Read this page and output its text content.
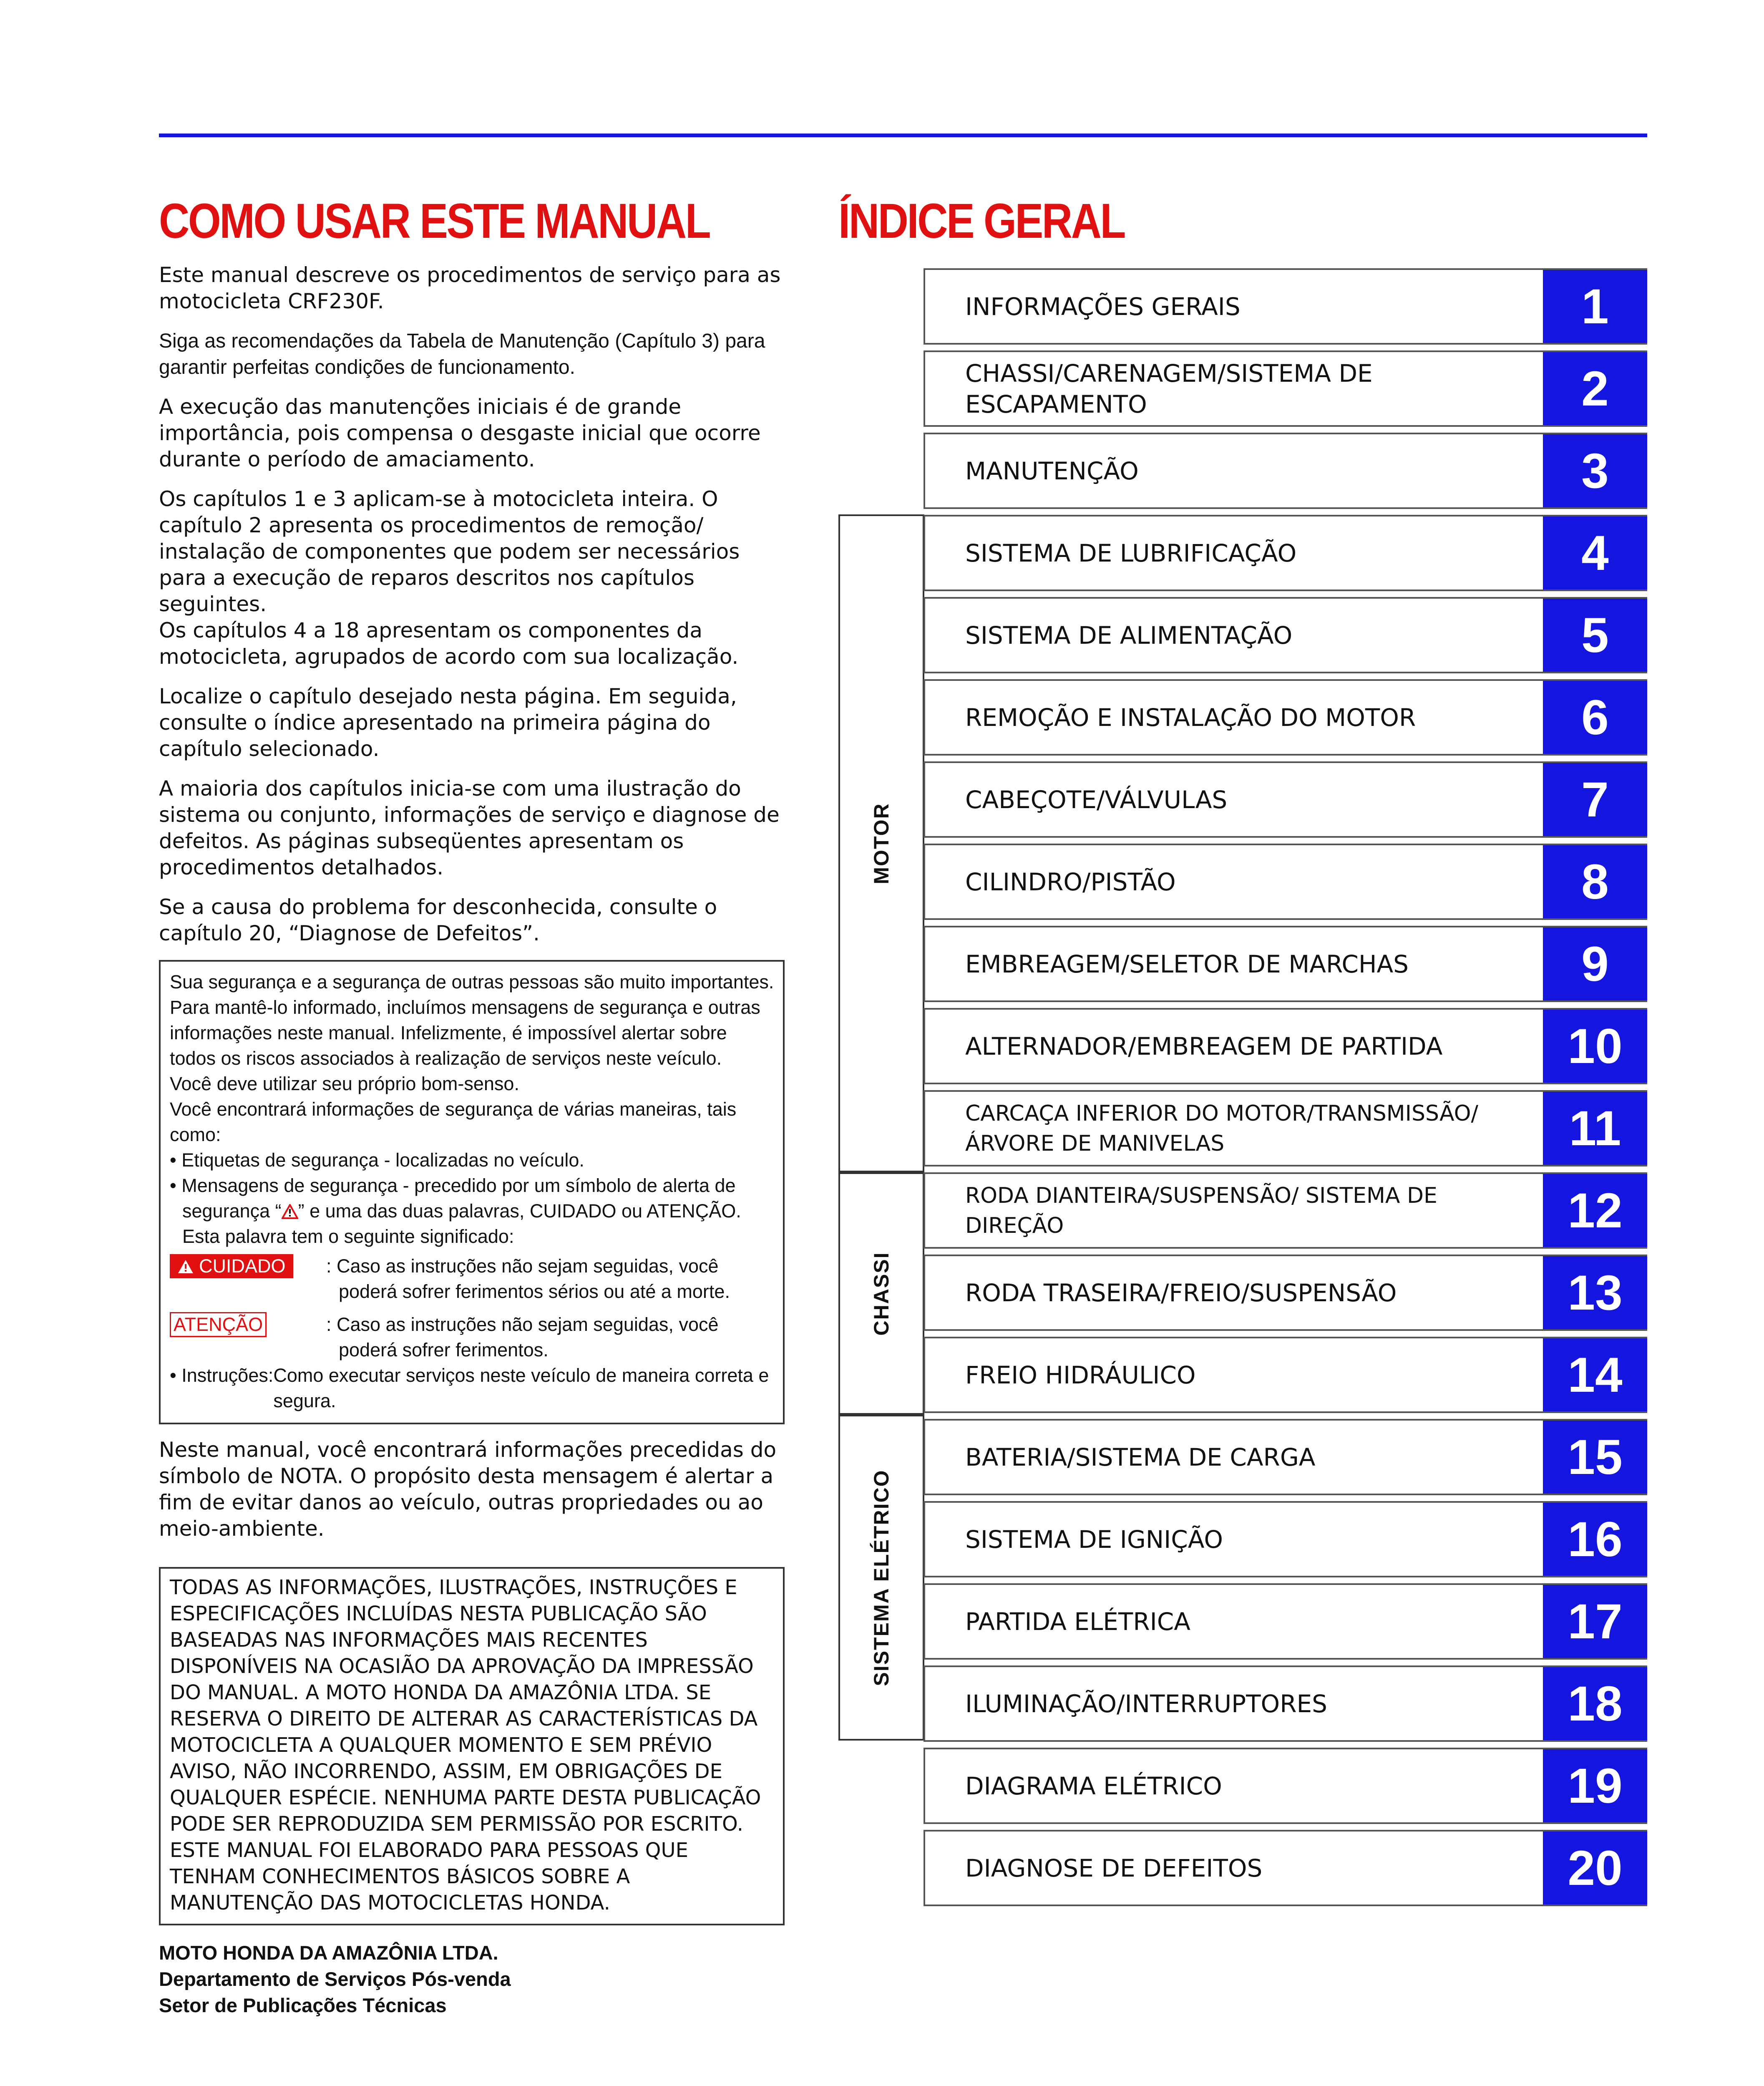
COMO USAR ESTE MANUAL

Este manual descreve os procedimentos de serviço para as motocicleta CRF230F.

Siga as recomendações da Tabela de Manutenção (Capítulo 3) para garantir perfeitas condições de funcionamento.

A execução das manutenções iniciais é de grande importância, pois compensa o desgaste inicial que ocorre durante o período de amaciamento.

Os capítulos 1 e 3 aplicam-se à motocicleta inteira. O capítulo 2 apresenta os procedimentos de remoção/ instalação de componentes que podem ser necessários para a execução de reparos descritos nos capítulos seguintes.

Os capítulos 4 a 18 apresentam os componentes da motocicleta, agrupados de acordo com sua localização.

Localize o capítulo desejado nesta página. Em seguida, consulte o índice apresentado na primeira página do capítulo selecionado.

A maioria dos capítulos inicia-se com uma ilustração do sistema ou conjunto, informações de serviço e diagnose de defeitos. As páginas subseqüentes apresentam os procedimentos detalhados.

Se a causa do problema for desconhecida, consulte o capítulo 20, “Diagnose de Defeitos”.

Sua segurança e a segurança de outras pessoas são muito importantes. Para mantê-lo informado, incluímos mensagens de segurança e outras informações neste manual. Infelizmente, é impossível alertar sobre todos os riscos associados à realização de serviços neste veículo.

Você deve utilizar seu próprio bom-senso.

Você encontrará informações de segurança de várias maneiras, tais como:

• Etiquetas de segurança - localizadas no veículo.

• Mensagens de segurança - precedido por um símbolo de alerta de segurança “ ” e uma das duas palavras, CUIDADO ou ATENÇÃO.

Esta palavra tem o seguinte significado:

CUIDADO	: Caso as instruções não sejam seguidas, você poderá sofrer ferimentos sérios ou até a morte.
ATENÇÃO	: Caso as instruções não sejam seguidas, você poderá sofrer ferimentos.
• Instruções: Como executar serviços neste veículo de maneira correta e segura.

Neste manual, você encontrará informações precedidas do símbolo de NOTA. O propósito desta mensagem é alertar a fim de evitar danos ao veículo, outras propriedades ou ao meio-ambiente.

TODAS AS INFORMAÇÕES, ILUSTRAÇÕES, INSTRUÇÕES E ESPECIFICAÇÕES INCLUÍDAS NESTA PUBLICAÇÃO SÃO BASEADAS NAS INFORMAÇÕES MAIS RECENTES DISPONÍVEIS NA OCASIÃO DA APROVAÇÃO DA IMPRESSÃO DO MANUAL. A MOTO HONDA DA AMAZÔNIA LTDA. SE RESERVA O DIREITO DE ALTERAR AS CARACTERÍSTICAS DA MOTOCICLETA A QUALQUER MOMENTO E SEM PRÉVIO AVISO, NÃO INCORRENDO, ASSIM, EM OBRIGAÇÕES DE QUALQUER ESPÉCIE. NENHUMA PARTE DESTA PUBLICAÇÃO PODE SER REPRODUZIDA SEM PERMISSÃO POR ESCRITO. ESTE MANUAL FOI ELABORADO PARA PESSOAS QUE TENHAM CONHECIMENTOS BÁSICOS SOBRE A MANUTENÇÃO DAS MOTOCICLETAS HONDA.

MOTO HONDA DA AMAZÔNIA LTDA.

Departamento de Serviços Pós-venda

Setor de Publicações Técnicas

ÍNDICE GERAL
MOTOR
CHASSI
SISTEMA ELÉTRICO
INFORMAÇÕES GERAIS	1
CHASSI/CARENAGEM/SISTEMA DE ESCAPAMENTO	2
MANUTENÇÃO	3
SISTEMA DE LUBRIFICAÇÃO	4
SISTEMA DE ALIMENTAÇÃO	5
REMOÇÃO E INSTALAÇÃO DO MOTOR	6
CABEÇOTE/VÁLVULAS	7
CILINDRO/PISTÃO	8
EMBREAGEM/SELETOR DE MARCHAS	9
ALTERNADOR/EMBREAGEM DE PARTIDA	10
CARCAÇA INFERIOR DO MOTOR/TRANSMISSÃO/ ÁRVORE DE MANIVELAS	11
RODA DIANTEIRA/SUSPENSÃO/ SISTEMA DE DIREÇÃO	12
RODA TRASEIRA/FREIO/SUSPENSÃO	13
FREIO HIDRÁULICO	14
BATERIA/SISTEMA DE CARGA	15
SISTEMA DE IGNIÇÃO	16
PARTIDA ELÉTRICA	17
ILUMINAÇÃO/INTERRUPTORES	18
DIAGRAMA ELÉTRICO	19
DIAGNOSE DE DEFEITOS	20
